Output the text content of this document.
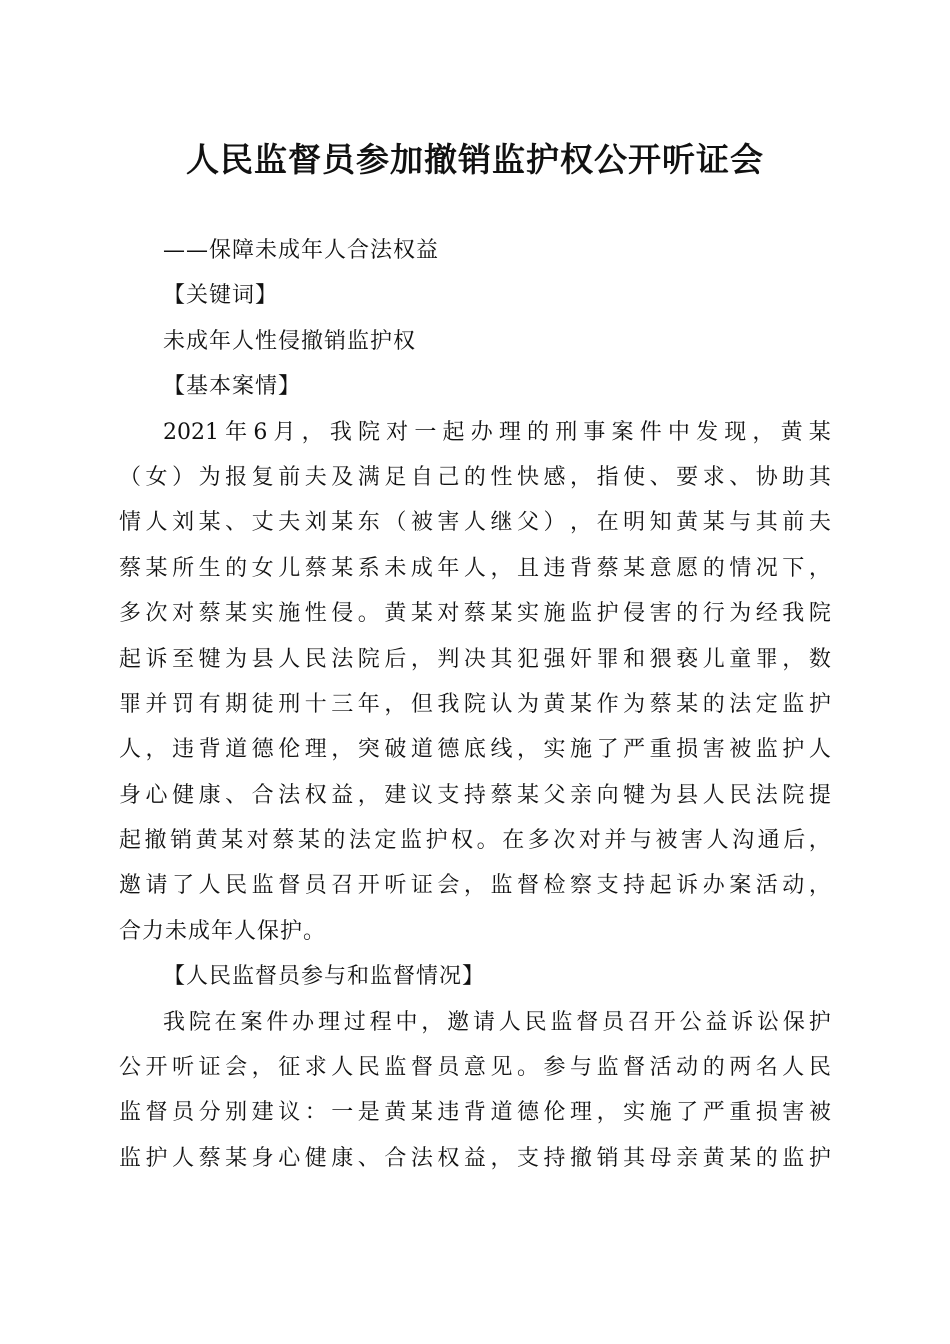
人民监督员参加撤销监护权公开听证会

——保障未成年人合法权益

【关键词】

未成年人性侵撤销监护权

【基本案情】

2021 年 6 月 ， 我 院 对 一 起 办 理 的 刑 事 案 件 中 发 现 ， 黄 某

（ 女 ） 为 报 复 前 夫 及 满 足 自 己 的 性 快 感 ， 指 使 、 要 求 、 协 助 其

情 人 刘 某 、 丈 夫 刘 某 东 （ 被 害 人 继 父 ） ， 在 明 知 黄 某 与 其 前 夫

蔡 某 所 生 的 女 儿 蔡 某 系 未 成 年 人 ， 且 违 背 蔡 某 意 愿 的 情 况 下 ，

多 次 对 蔡 某 实 施 性 侵 。 黄 某 对 蔡 某 实 施 监 护 侵 害 的 行 为 经 我 院

起 诉 至 犍 为 县 人 民 法 院 后 ， 判 决 其 犯 强 奸 罪 和 猥 亵 儿 童 罪 ， 数

罪 并 罚 有 期 徒 刑 十 三 年 ， 但 我 院 认 为 黄 某 作 为 蔡 某 的 法 定 监 护

人 ， 违 背 道 德 伦 理 ， 突 破 道 德 底 线 ， 实 施 了 严 重 损 害 被 监 护 人

身 心 健 康 、 合 法 权 益 ， 建 议 支 持 蔡 某 父 亲 向 犍 为 县 人 民 法 院 提

起 撤 销 黄 某 对 蔡 某 的 法 定 监 护 权 。 在 多 次 对 并 与 被 害 人 沟 通 后 ，

邀 请 了 人 民 监 督 员 召 开 听 证 会 ， 监 督 检 察 支 持 起 诉 办 案 活 动 ，

合力未成年人保护。

【人民监督员参与和监督情况】

我 院 在 案 件 办 理 过 程 中 ， 邀 请 人 民 监 督 员 召 开 公 益 诉 讼 保 护

公 开 听 证 会 ， 征 求 人 民 监 督 员 意 见 。 参 与 监 督 活 动 的 两 名 人 民

监 督 员 分 别 建 议 ： 一 是 黄 某 违 背 道 德 伦 理 ， 实 施 了 严 重 损 害 被

监 护 人 蔡 某 身 心 健 康 、 合 法 权 益 ， 支 持 撤 销 其 母 亲 黄 某 的 监 护
